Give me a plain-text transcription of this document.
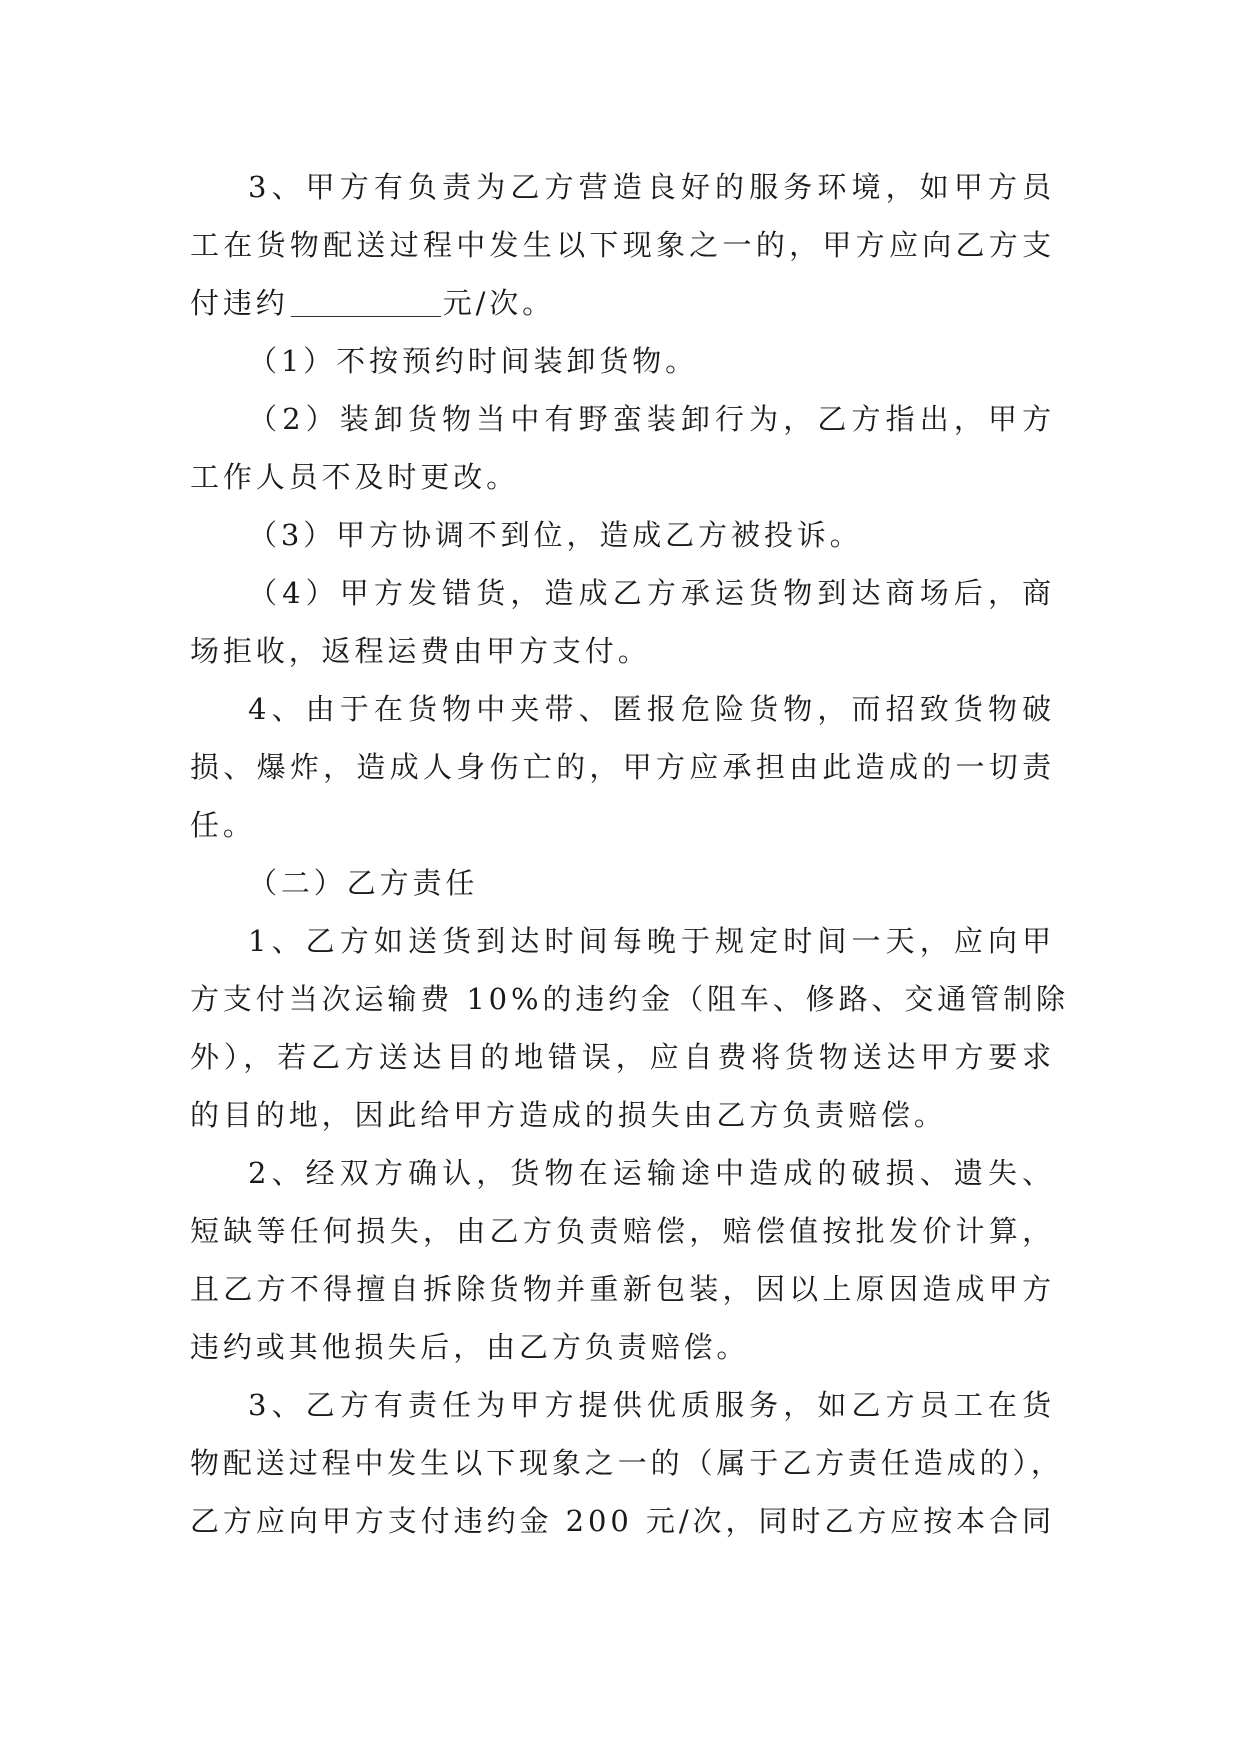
3、甲方有负责为乙方营造良好的服务环境，如甲方员
工在货物配送过程中发生以下现象之一的，甲方应向乙方支
付违约	元/次。
（1）不按预约时间装卸货物。
（2）装卸货物当中有野蛮装卸行为，乙方指出，甲方
工作人员不及时更改。
（3）甲方协调不到位，造成乙方被投诉。
（4）甲方发错货，造成乙方承运货物到达商场后，商
场拒收，返程运费由甲方支付。
4、由于在货物中夹带、匿报危险货物，而招致货物破
损、爆炸，造成人身伤亡的，甲方应承担由此造成的一切责
任。
（二）乙方责任
1、乙方如送货到达时间每晚于规定时间一天，应向甲
方支付当次运输费 10%的违约金（阻车、修路、交通管制除
外），若乙方送达目的地错误，应自费将货物送达甲方要求
的目的地，因此给甲方造成的损失由乙方负责赔偿。
2、经双方确认，货物在运输途中造成的破损、遗失、
短缺等任何损失，由乙方负责赔偿，赔偿值按批发价计算，
且乙方不得擅自拆除货物并重新包装，因以上原因造成甲方
违约或其他损失后，由乙方负责赔偿。
3、乙方有责任为甲方提供优质服务，如乙方员工在货
物配送过程中发生以下现象之一的（属于乙方责任造成的），
乙方应向甲方支付违约金 200 元/次，同时乙方应按本合同
